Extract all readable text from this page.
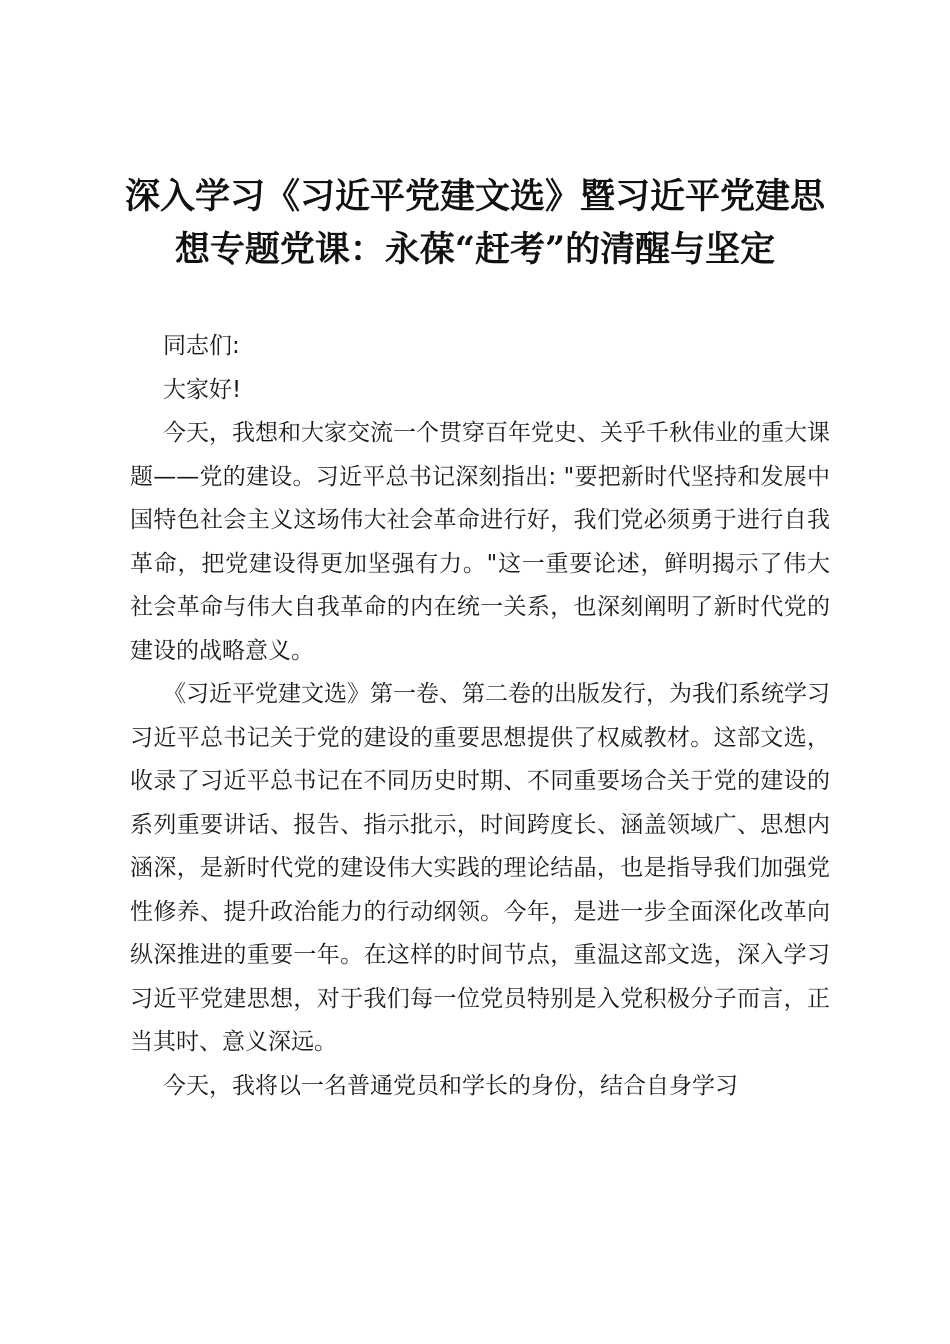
深入学习《习近平党建文选》暨习近平党建思想专题党课：永葆“赶考”的清醒与坚定

同志们:

大家好!

今天，我想和大家交流一个贯穿百年党史、关乎千秋伟业的重大课题——党的建设。习近平总书记深刻指出: "要把新时代坚持和发展中国特色社会主义这场伟大社会革命进行好，我们党必须勇于进行自我革命，把党建设得更加坚强有力。"这一重要论述，鲜明揭示了伟大社会革命与伟大自我革命的内在统一关系，也深刻阐明了新时代党的建设的战略意义。

《习近平党建文选》第一卷、第二卷的出版发行，为我们系统学习习近平总书记关于党的建设的重要思想提供了权威教材。这部文选，收录了习近平总书记在不同历史时期、不同重要场合关于党的建设的系列重要讲话、报告、指示批示，时间跨度长、涵盖领域广、思想内涵深，是新时代党的建设伟大实践的理论结晶，也是指导我们加强党性修养、提升政治能力的行动纲领。今年，是进一步全面深化改革向纵深推进的重要一年。在这样的时间节点，重温这部文选，深入学习习近平党建思想，对于我们每一位党员特别是入党积极分子而言，正当其时、意义深远。

今天，我将以一名普通党员和学长的身份，结合自身学习
